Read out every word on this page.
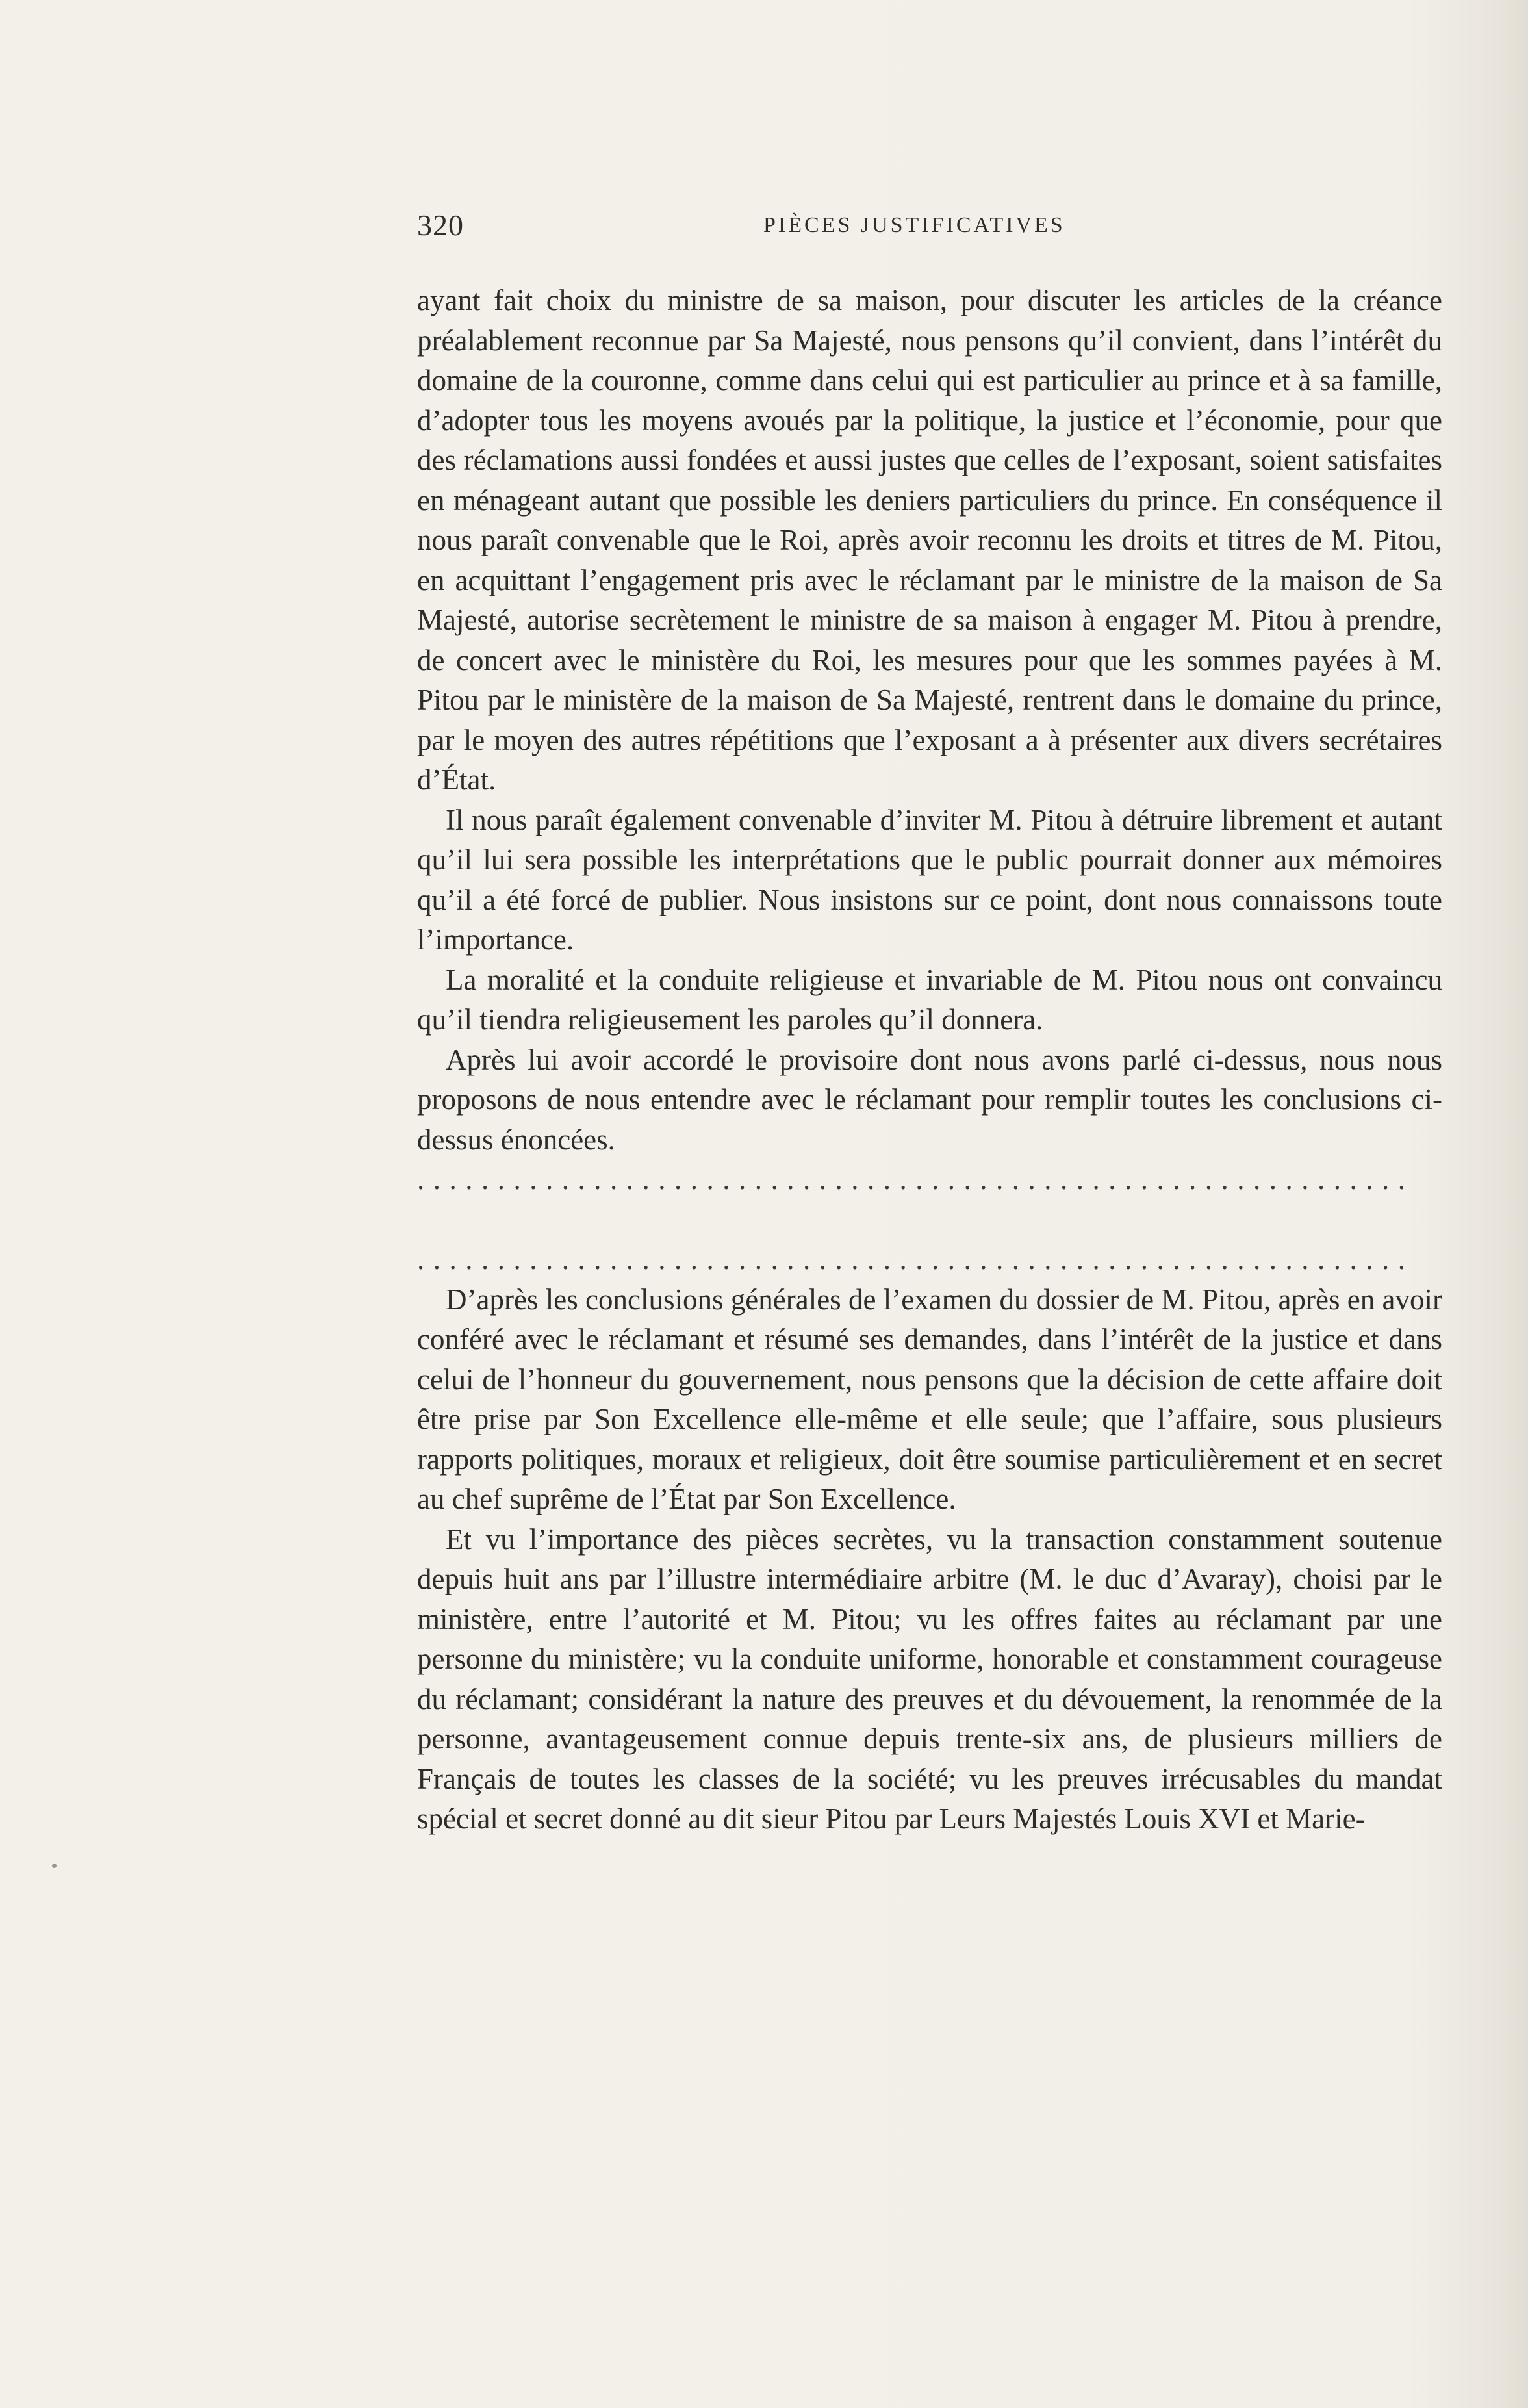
320	PIÈCES JUSTIFICATIVES

ayant fait choix du ministre de sa maison, pour discuter les articles de la créance préalablement reconnue par Sa Majesté, nous pensons qu’il convient, dans l’intérêt du domaine de la couronne, comme dans celui qui est particulier au prince et à sa famille, d’adopter tous les moyens avoués par la politique, la justice et l’économie, pour que des réclamations aussi fondées et aussi justes que celles de l’exposant, soient satisfaites en ménageant autant que possible les deniers particuliers du prince. En conséquence il nous paraît convenable que le Roi, après avoir reconnu les droits et titres de M. Pitou, en acquittant l’engagement pris avec le réclamant par le ministre de la maison de Sa Majesté, autorise secrètement le ministre de sa maison à engager M. Pitou à prendre, de concert avec le ministère du Roi, les mesures pour que les sommes payées à M. Pitou par le ministère de la maison de Sa Majesté, rentrent dans le domaine du prince, par le moyen des autres répétitions que l’exposant a à présenter aux divers secrétaires d’État.

Il nous paraît également convenable d’inviter M. Pitou à détruire librement et autant qu’il lui sera possible les interprétations que le public pourrait donner aux mémoires qu’il a été forcé de publier. Nous insistons sur ce point, dont nous connaissons toute l’importance.

La moralité et la conduite religieuse et invariable de M. Pitou nous ont convaincu qu’il tiendra religieusement les paroles qu’il donnera.

Après lui avoir accordé le provisoire dont nous avons parlé ci-dessus, nous nous proposons de nous entendre avec le réclamant pour remplir toutes les conclusions ci-dessus énoncées.

..............................................................
..............................................................

D’après les conclusions générales de l’examen du dossier de M. Pitou, après en avoir conféré avec le réclamant et résumé ses demandes, dans l’intérêt de la justice et dans celui de l’honneur du gouvernement, nous pensons que la décision de cette affaire doit être prise par Son Excellence elle-même et elle seule; que l’affaire, sous plusieurs rapports politiques, moraux et religieux, doit être soumise particulièrement et en secret au chef suprême de l’État par Son Excellence.

Et vu l’importance des pièces secrètes, vu la transaction constamment soutenue depuis huit ans par l’illustre intermédiaire arbitre (M. le duc d’Avaray), choisi par le ministère, entre l’autorité et M. Pitou; vu les offres faites au réclamant par une personne du ministère; vu la conduite uniforme, honorable et constamment courageuse du réclamant; considérant la nature des preuves et du dévouement, la renommée de la personne, avantageusement connue depuis trente-six ans, de plusieurs milliers de Français de toutes les classes de la société; vu les preuves irrécusables du mandat spécial et secret donné au dit sieur Pitou par Leurs Majestés Louis XVI et Marie-
